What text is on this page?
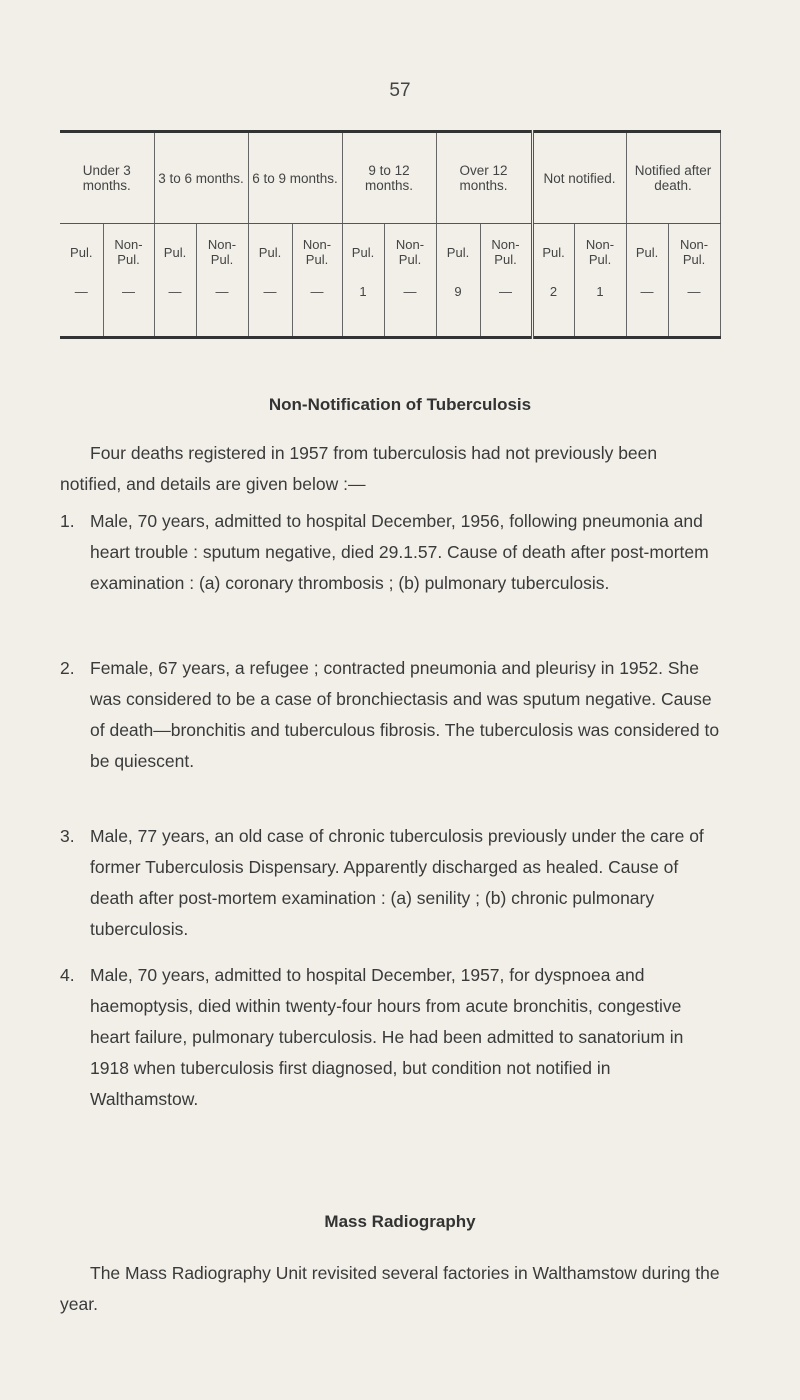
57
Under 3 months.		3 to 6 months.		6 to 9 months.		9 to 12 months.		Over 12 months.		Not notified.		Notified after death.	
Pul.	Non-Pul.	Pul.	Non-Pul.	Pul.	Non-Pul.	Pul.	Non-Pul.	Pul.	Non-Pul.	Pul.	Non-Pul.	Pul.	Non-Pul.
—	—	—	—	—	—	1	—	9	—	2	1	—	—
Non-Notification of Tuberculosis

Four deaths registered in 1957 from tuberculosis had not previously been notified, and details are given below :—

1. Male, 70 years, admitted to hospital December, 1956, following pneumonia and heart trouble : sputum negative, died 29.1.57. Cause of death after post-mortem examination : (a) coronary thrombosis ; (b) pulmonary tuberculosis.
2. Female, 67 years, a refugee ; contracted pneumonia and pleurisy in 1952. She was considered to be a case of bronchiectasis and was sputum negative. Cause of death—bronchitis and tuberculous fibrosis. The tuberculosis was considered to be quiescent.
3. Male, 77 years, an old case of chronic tuberculosis previously under the care of former Tuberculosis Dispensary. Apparently discharged as healed. Cause of death after post-mortem examination : (a) senility ; (b) chronic pulmonary tuberculosis.
4. Male, 70 years, admitted to hospital December, 1957, for dyspnoea and haemoptysis, died within twenty-four hours from acute bronchitis, congestive heart failure, pulmonary tuberculosis. He had been admitted to sanatorium in 1918 when tuberculosis first diagnosed, but condition not notified in Walthamstow.
Mass Radiography

The Mass Radiography Unit revisited several factories in Walthamstow during the year.
